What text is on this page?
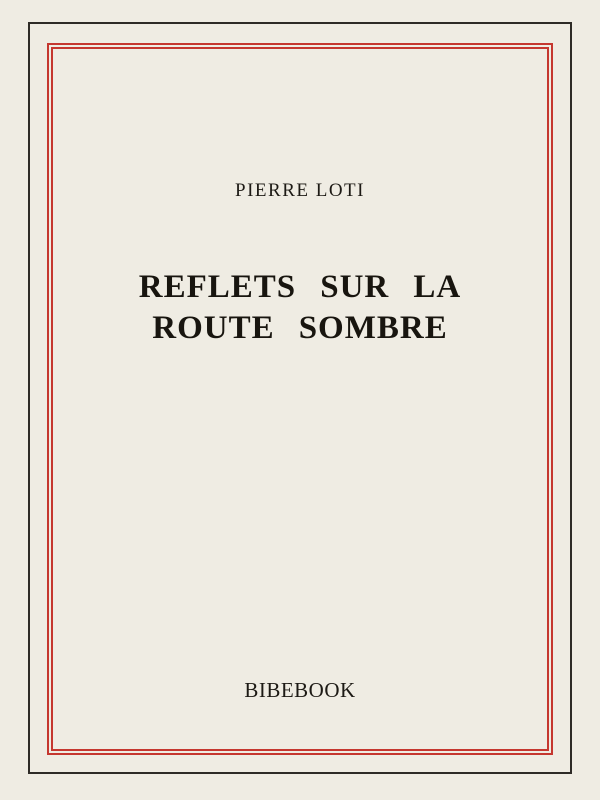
PIERRE LOTI
REFLETS SUR LA
ROUTE SOMBRE
BIBEBOOK
